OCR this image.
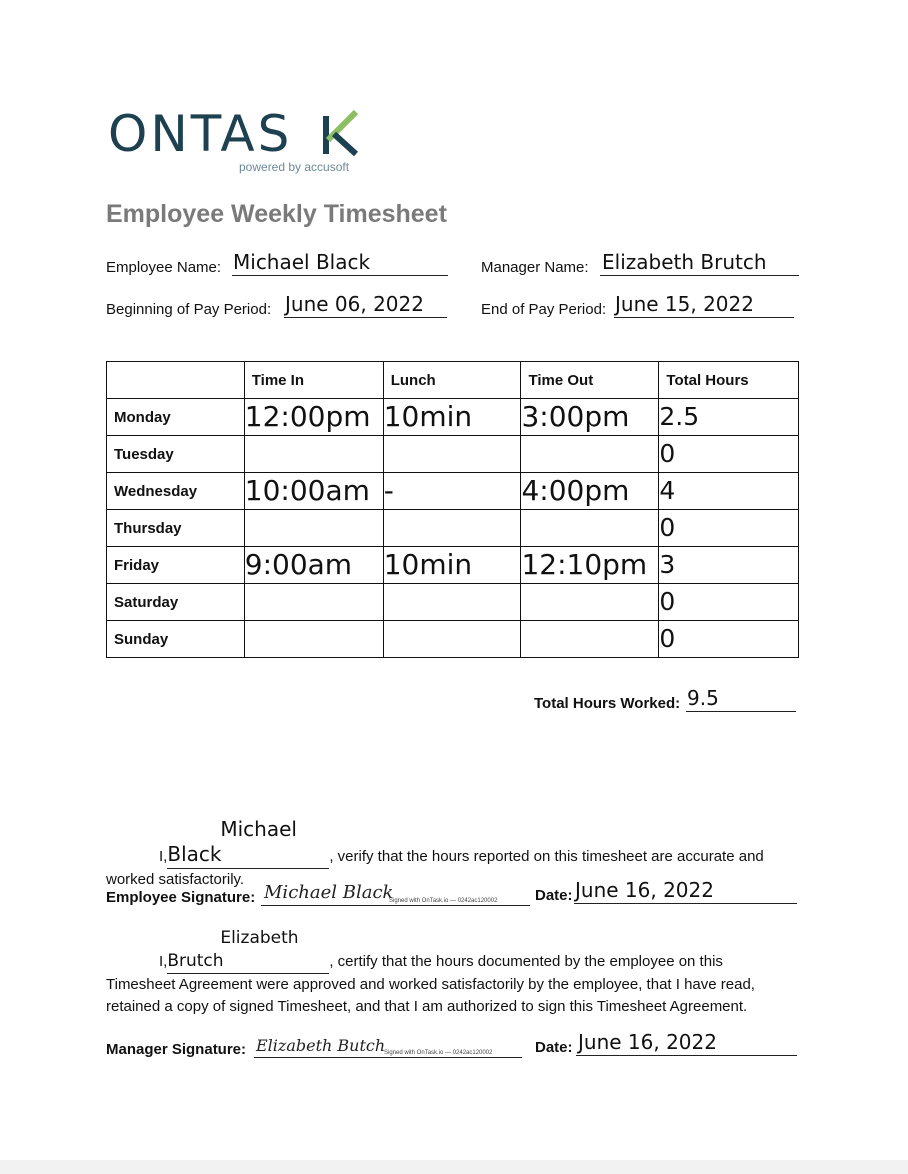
ONTAS
powered by accusoft
Employee Weekly Timesheet
Employee Name: Michael Black	Manager Name: Elizabeth Brutch
Beginning of Pay Period: June 06, 2022	End of Pay Period: June 15, 2022
	Time In	Lunch	Time Out	Total Hours
Monday	12:00pm	10min	3:00pm	2.5
Tuesday				0
Wednesday	10:00am	-	4:00pm	4
Thursday				0
Friday	9:00am	10min	12:10pm	3
Saturday				0
Sunday				0
Total Hours Worked: 9.5
I,Michael Black	, verify that the hours reported on this timesheet are accurate and worked satisfactorily.
Employee Signature: Michael Black
Signed with OnTask.io — 0242ac120002	Date: June 16, 2022
I,Elizabeth Brutch	, certify that the hours documented by the employee on this Timesheet Agreement were approved and worked satisfactorily by the employee, that I have read, retained a copy of signed Timesheet, and that I am authorized to sign this Timesheet Agreement.
Manager Signature: Elizabeth Butch
Signed with OnTask.io — 0242ac120002	Date: June 16, 2022
